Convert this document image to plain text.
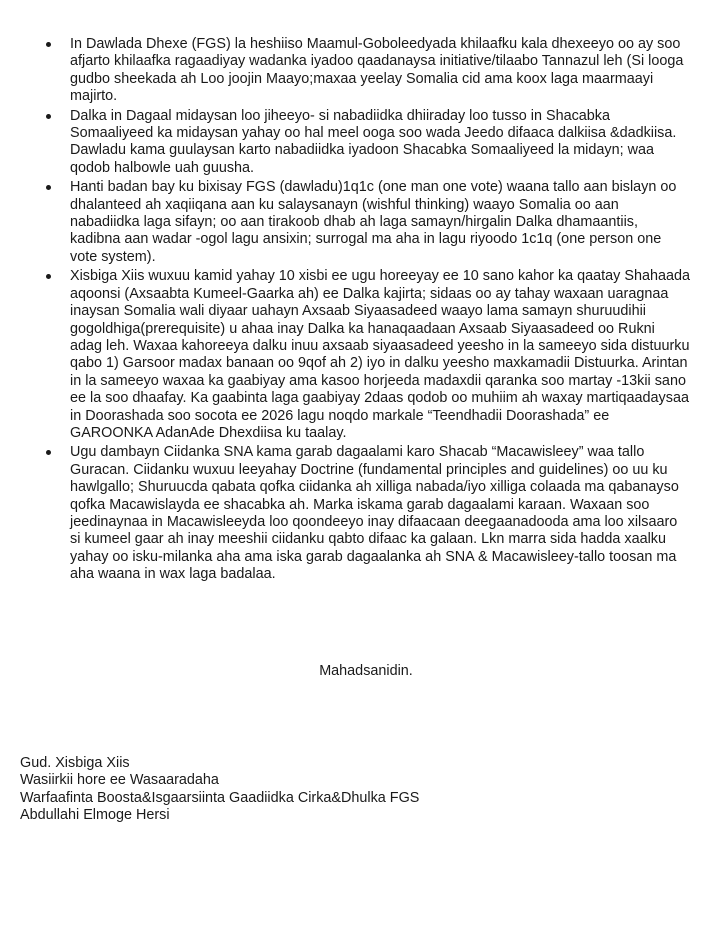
In Dawlada Dhexe (FGS) la heshiiso Maamul-Goboleedyada khilaafku kala dhexeeyo oo ay soo afjarto khilaafka ragaadiyay wadanka iyadoo qaadanaysa initiative/tilaabo Tannazul leh (Si looga gudbo sheekada ah Loo joojin Maayo;maxaa yeelay Somalia cid ama koox laga maarmaayi majirto.
Dalka in Dagaal midaysan loo jiheeyo- si nabadiidka dhiiraday loo tusso in Shacabka Somaaliyeed ka midaysan yahay oo hal meel ooga soo wada Jeedo difaaca dalkiisa &dadkiisa. Dawladu kama guulaysan karto nabadiidka iyadoon Shacabka Somaaliyeed la midayn; waa qodob halbowle uah guusha.
Hanti badan bay ku bixisay FGS (dawladu)1q1c (one man one vote) waana tallo aan bislayn oo dhalanteed ah xaqiiqana aan ku salaysanayn (wishful thinking) waayo Somalia oo aan nabadiidka laga sifayn; oo aan tirakoob dhab ah laga samayn/hirgalin Dalka dhamaantiis, kadibna aan wadar -ogol lagu ansixin; surrogal ma aha in lagu riyoodo 1c1q (one person one vote system).
Xisbiga Xiis wuxuu kamid yahay 10 xisbi ee ugu horeeyay ee 10 sano kahor ka qaatay Shahaada aqoonsi (Axsaabta Kumeel-Gaarka ah) ee Dalka kajirta; sidaas oo ay tahay waxaan uaragnaa inaysan Somalia wali diyaar uahayn Axsaab Siyaasadeed waayo lama samayn shuruudihii gogoldhiga(prerequisite) u ahaa inay Dalka ka hanaqaadaan Axsaab Siyaasadeed oo Rukni adag leh. Waxaa kahoreeya dalku inuu axsaab siyaasadeed yeesho in la sameeyo sida distuurku qabo 1) Garsoor madax banaan oo 9qof ah 2) iyo in dalku yeesho maxkamadii Distuurka. Arintan in la sameeyo waxaa ka gaabiyay ama kasoo horjeeda madaxdii qaranka soo martay -13kii sano ee la soo dhaafay. Ka gaabinta laga gaabiyay 2daas qodob oo muhiim ah waxay martiqaadaysaa in Doorashada soo socota ee 2026 lagu noqdo markale “Teendhadii Doorashada” ee GAROONKA AdanAde Dhexdiisa ku taalay.
Ugu dambayn Ciidanka SNA kama garab dagaalami karo Shacab “Macawisleey” waa tallo Guracan. Ciidanku wuxuu leeyahay Doctrine (fundamental principles and guidelines) oo uu ku hawlgallo; Shuruucda qabata qofka ciidanka ah xilliga nabada/iyo xilliga colaada ma qabanayso qofka Macawislayda ee shacabka ah. Marka iskama garab dagaalami karaan. Waxaan soo jeedinaynaa in Macawisleeyda loo qoondeeyo inay difaacaan deegaanadooda ama loo xilsaaro si kumeel gaar ah inay meeshii ciidanku qabto difaac ka galaan. Lkn marra sida hadda xaalku yahay oo isku-milanka aha ama iska garab dagaalanka ah SNA & Macawisleey-tallo toosan ma aha waana in wax laga badalaa.
Mahadsanidin.
Gud. Xisbiga Xiis
Wasiirkii hore ee Wasaaradaha
Warfaafinta Boosta&Isgaarsiinta Gaadiidka Cirka&Dhulka FGS
Abdullahi Elmoge Hersi
